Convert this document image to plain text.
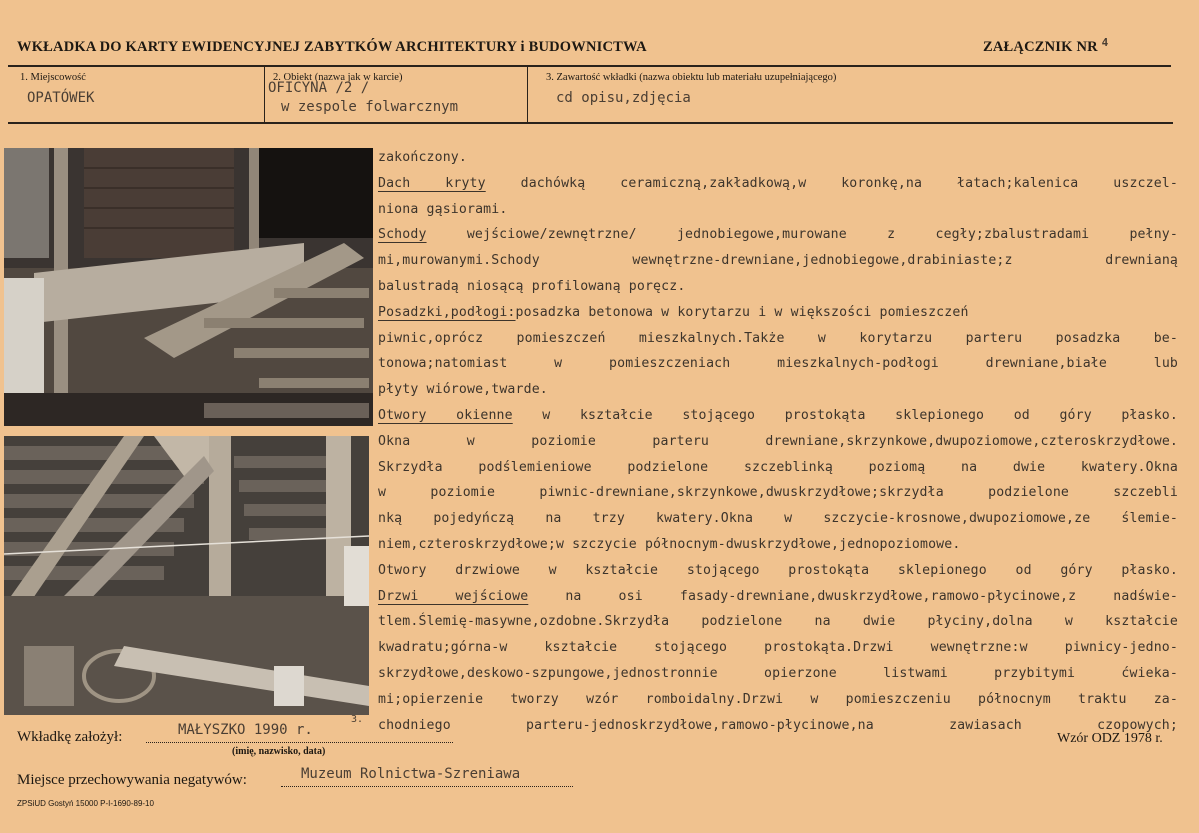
WKŁADKA DO KARTY EWIDENCYJNEJ ZABYTKÓW ARCHITEKTURY i BUDOWNICTWA	ZAŁĄCZNIK NR $^4$
1. Miejscowość
OPATÓWEK
2. Obiekt (nazwa jak w karcie)
OFICYNA /2 /
w zespole folwarcznym
3. Zawartość wkładki (nazwa obiektu lub materiału uzupełniającego)
cd opisu,zdjęcia
zakończony.
Dach kryty dachówką ceramiczną,zakładkową,w koronkę,na łatach;kalenica uszczel-
niona gąsiorami.
Schody wejściowe/zewnętrzne/ jednobiegowe,murowane z cegły;zbalustradami pełny-
mi,murowanymi.Schody wewnętrzne-drewniane,jednobiegowe,drabiniaste;z drewnianą
balustradą niosącą profilowaną poręcz.
Posadzki,podłogi:posadzka betonowa w korytarzu i w większości pomieszczeń
piwnic,oprócz pomieszczeń mieszkalnych.Także w korytarzu parteru posadzka be-
tonowa;natomiast w pomieszczeniach mieszkalnych-podłogi drewniane,białe lub
płyty wiórowe,twarde.
Otwory okienne w kształcie stojącego prostokąta sklepionego od góry płasko.
Okna w poziomie parteru drewniane,skrzynkowe,dwupoziomowe,czteroskrzydłowe.
Skrzydła podślemieniowe podzielone szczeblinką poziomą na dwie kwatery.Okna
w poziomie piwnic-drewniane,skrzynkowe,dwuskrzydłowe;skrzydła podzielone szczebli
nką pojedyńczą na trzy kwatery.Okna w szczycie-krosnowe,dwupoziomowe,ze ślemie-
niem,czteroskrzydłowe;w szczycie północnym-dwuskrzydłowe,jednopoziomowe.
Otwory drzwiowe w kształcie stojącego prostokąta sklepionego od góry płasko.
Drzwi wejściowe na osi fasady-drewniane,dwuskrzydłowe,ramowo-płycinowe,z nadświe-
tlem.Ślemię-masywne,ozdobne.Skrzydła podzielone na dwie płyciny,dolna w kształcie
kwadratu;górna-w kształcie stojącego prostokąta.Drzwi wewnętrzne:w piwnicy-jedno-
skrzydłowe,deskowo-szpungowe,jednostronnie opierzone listwami przybitymi ćwieka-
mi;opierzenie tworzy wzór romboidalny.Drzwi w pomieszczeniu północnym traktu za-
chodniego parteru-jednoskrzydłowe,ramowo-płycinowe,na zawiasach czopowych;
Wkładkę założył:	MAŁYSZKO 1990 r.
3.
(imię, nazwisko, data)
Wzór ODZ 1978 r.
Miejsce przechowywania negatywów:	Muzeum Rolnictwa-Szreniawa
ZPSiUD Gostyń 15000 P-I-1690-89-10
